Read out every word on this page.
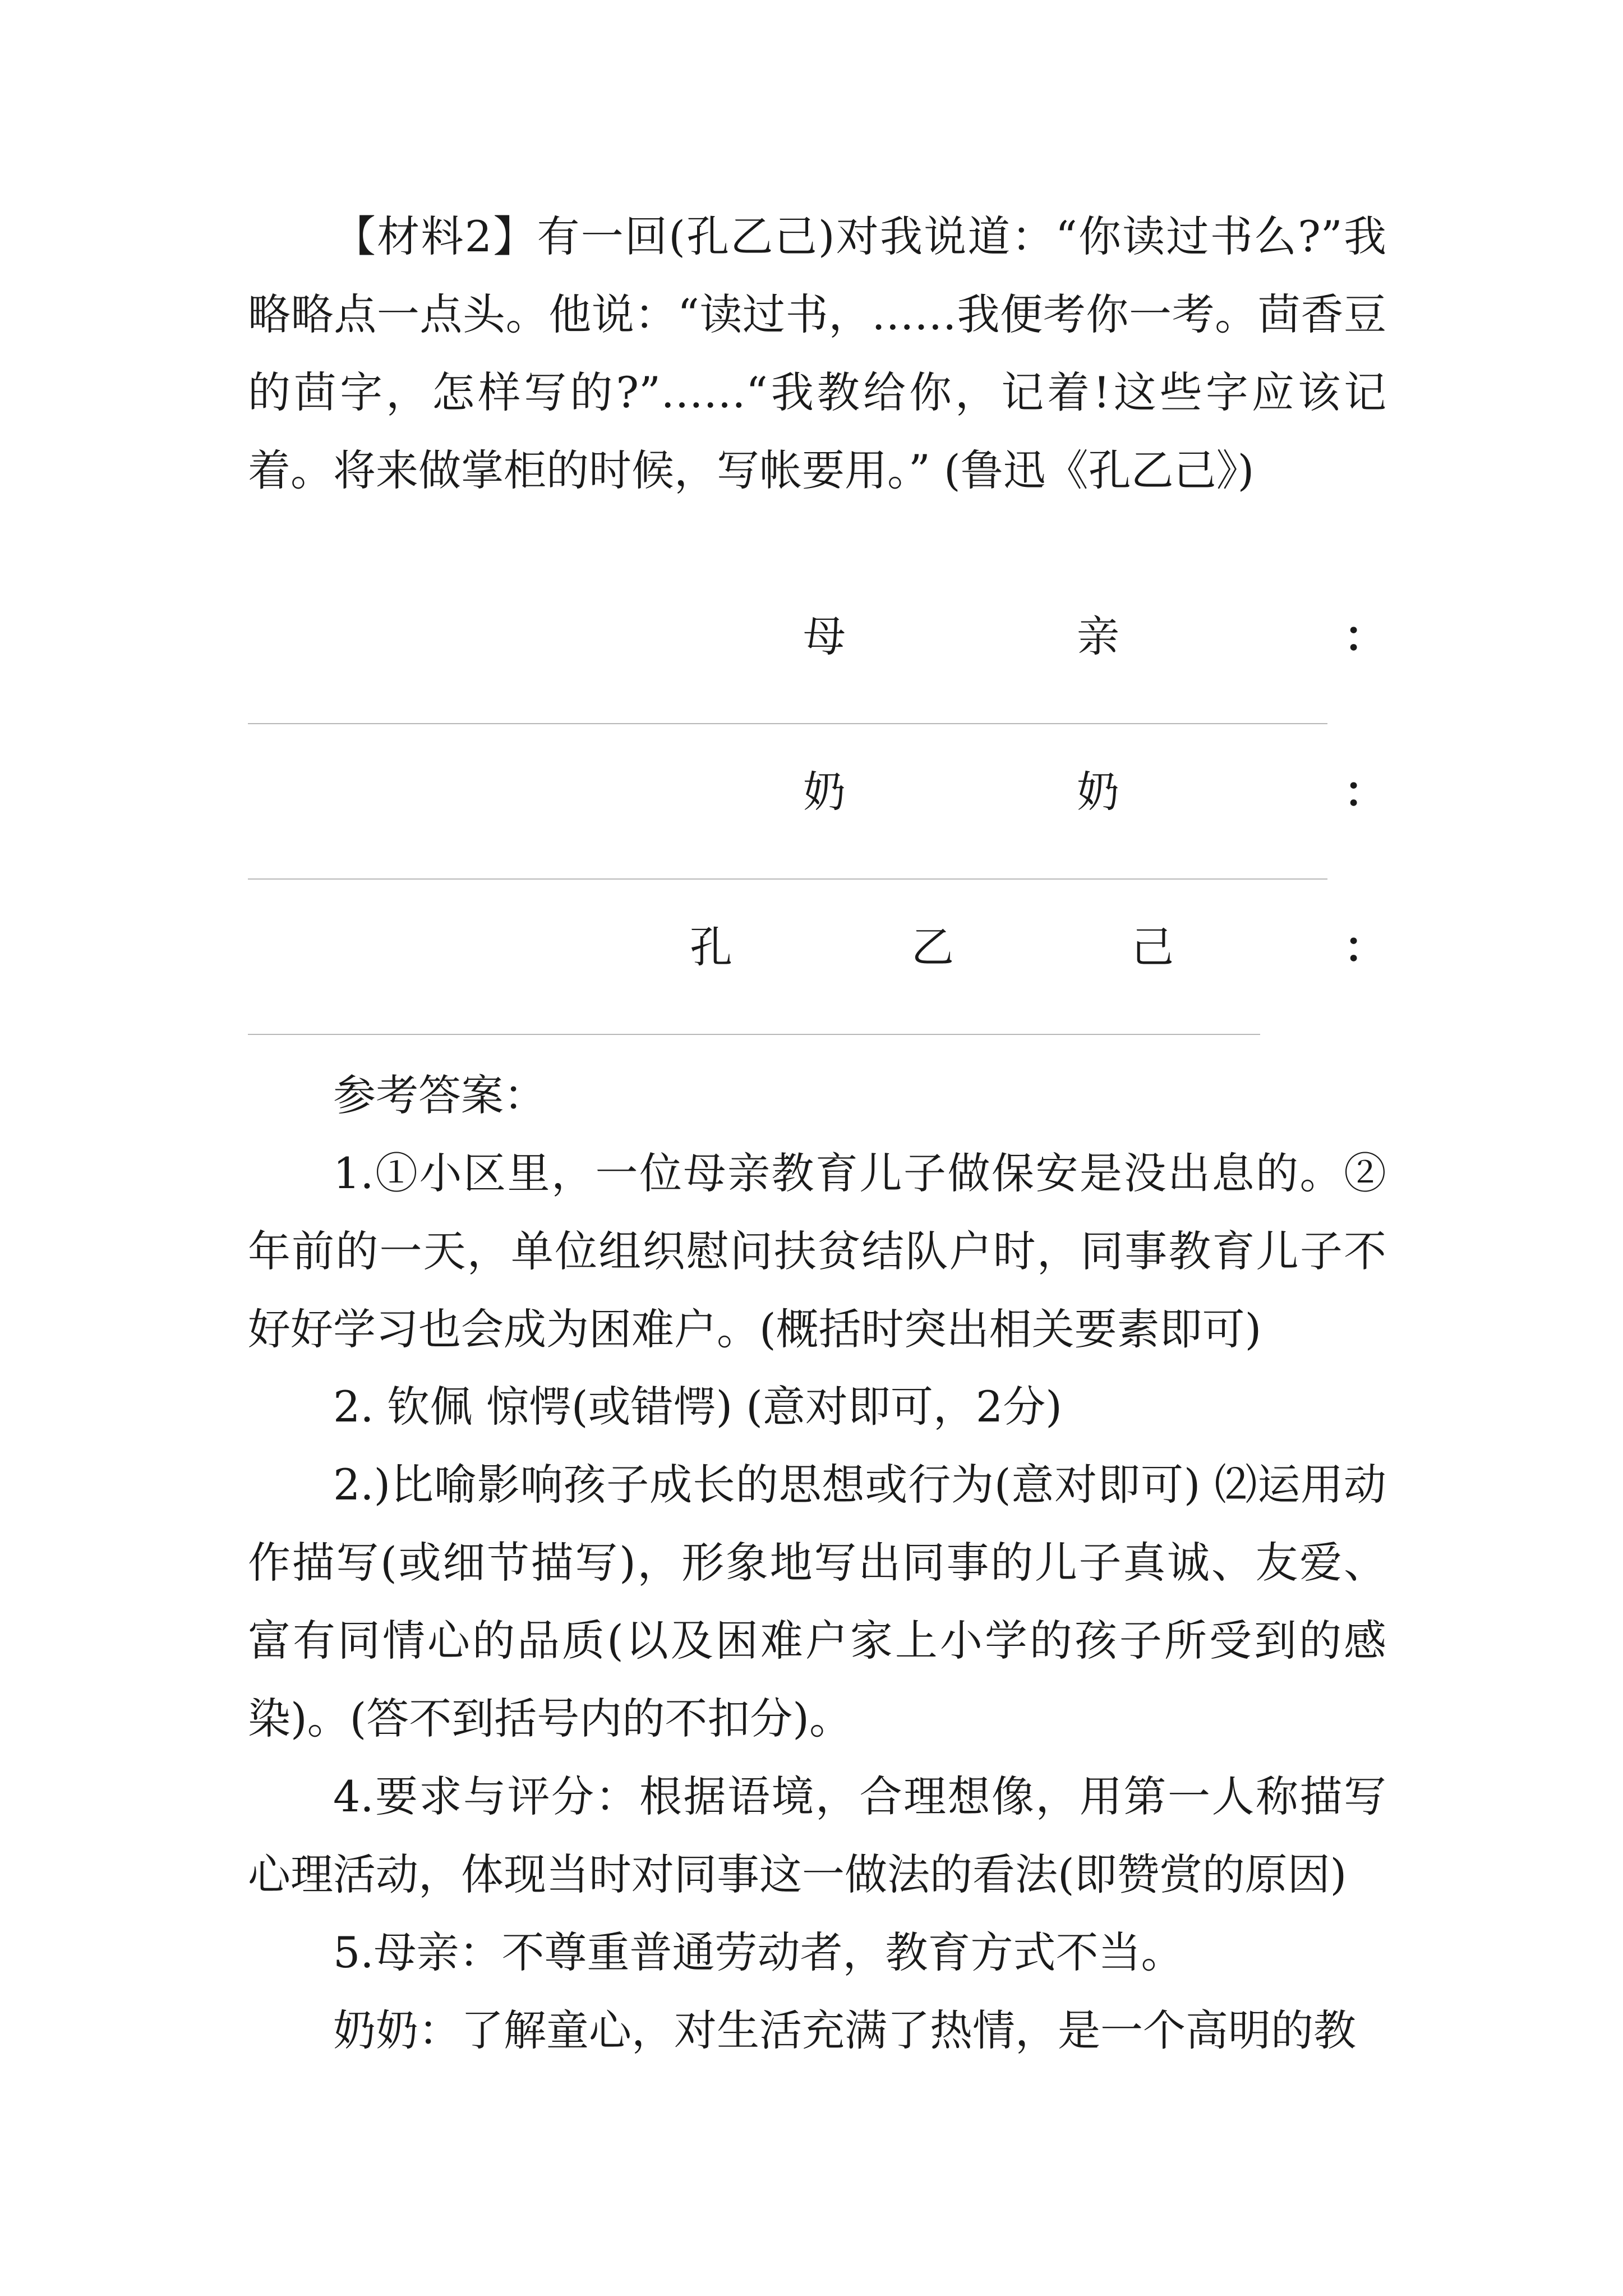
【材料2】有一回(孔乙己)对我说道：“你读过书么?”我略略点一点头。他说：“读过书，……我便考你一考。茴香豆的茴字，怎样写的?”……“我教给你，记着!这些字应该记着。将来做掌柜的时候，写帐要用。” (鲁迅《孔乙己》)

母	亲	：
奶	奶	：
孔	乙	己	：

参考答案：

1.①小区里，一位母亲教育儿子做保安是没出息的。②年前的一天，单位组织慰问扶贫结队户时，同事教育儿子不好好学习也会成为困难户。(概括时突出相关要素即可)

2. 钦佩 惊愕(或错愕) (意对即可，2分)

2.)比喻影响孩子成长的思想或行为(意对即可) ⑵运用动作描写(或细节描写)，形象地写出同事的儿子真诚、友爱、富有同情心的品质(以及困难户家上小学的孩子所受到的感染)。(答不到括号内的不扣分)。

4.要求与评分：根据语境，合理想像，用第一人称描写心理活动，体现当时对同事这一做法的看法(即赞赏的原因)

5.母亲：不尊重普通劳动者，教育方式不当。

奶奶：了解童心，对生活充满了热情，是一个高明的教
